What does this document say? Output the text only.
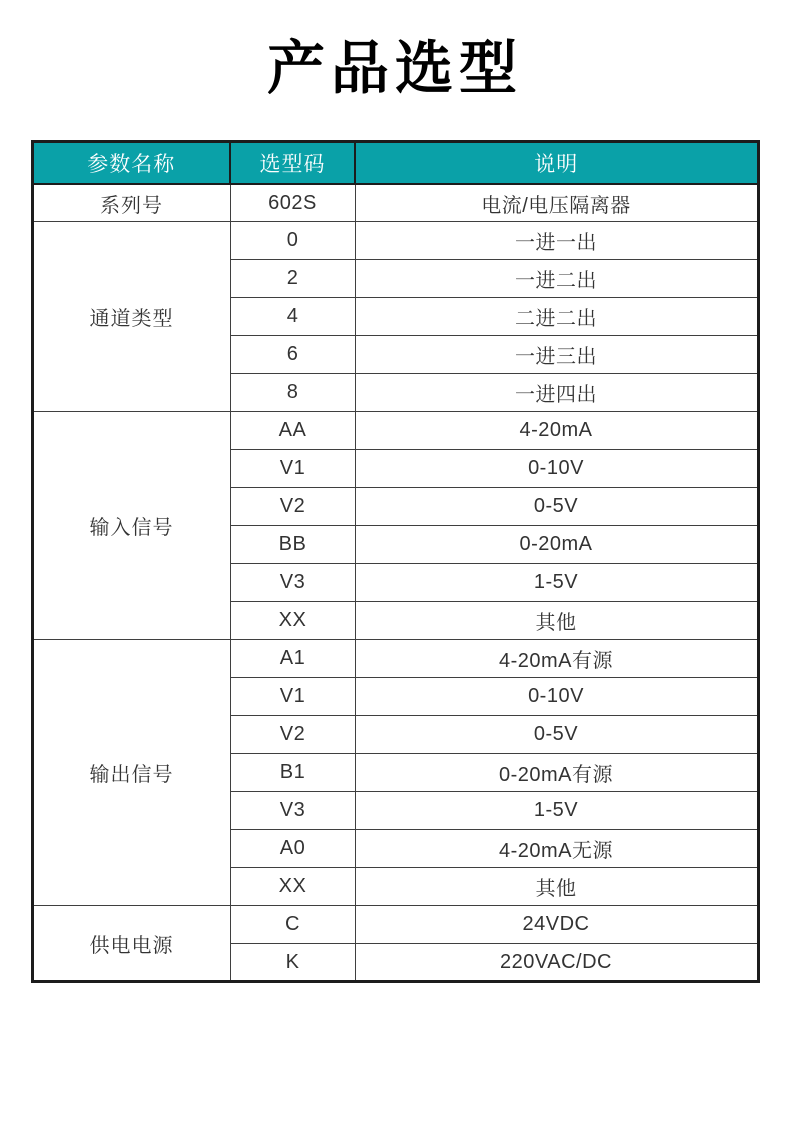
产品选型
参数名称	选型码	说明
系列号	602S	电流/电压隔离器
通道类型	0	一进一出
	2	一进二出
	4	二进二出
	6	一进三出
	8	一进四出
输入信号	AA	4-20mA
	V1	0-10V
	V2	0-5V
	BB	0-20mA
	V3	1-5V
	XX	其他
输出信号	A1	4-20mA有源
	V1	0-10V
	V2	0-5V
	B1	0-20mA有源
	V3	1-5V
	A0	4-20mA无源
	XX	其他
供电电源	C	24VDC
	K	220VAC/DC
